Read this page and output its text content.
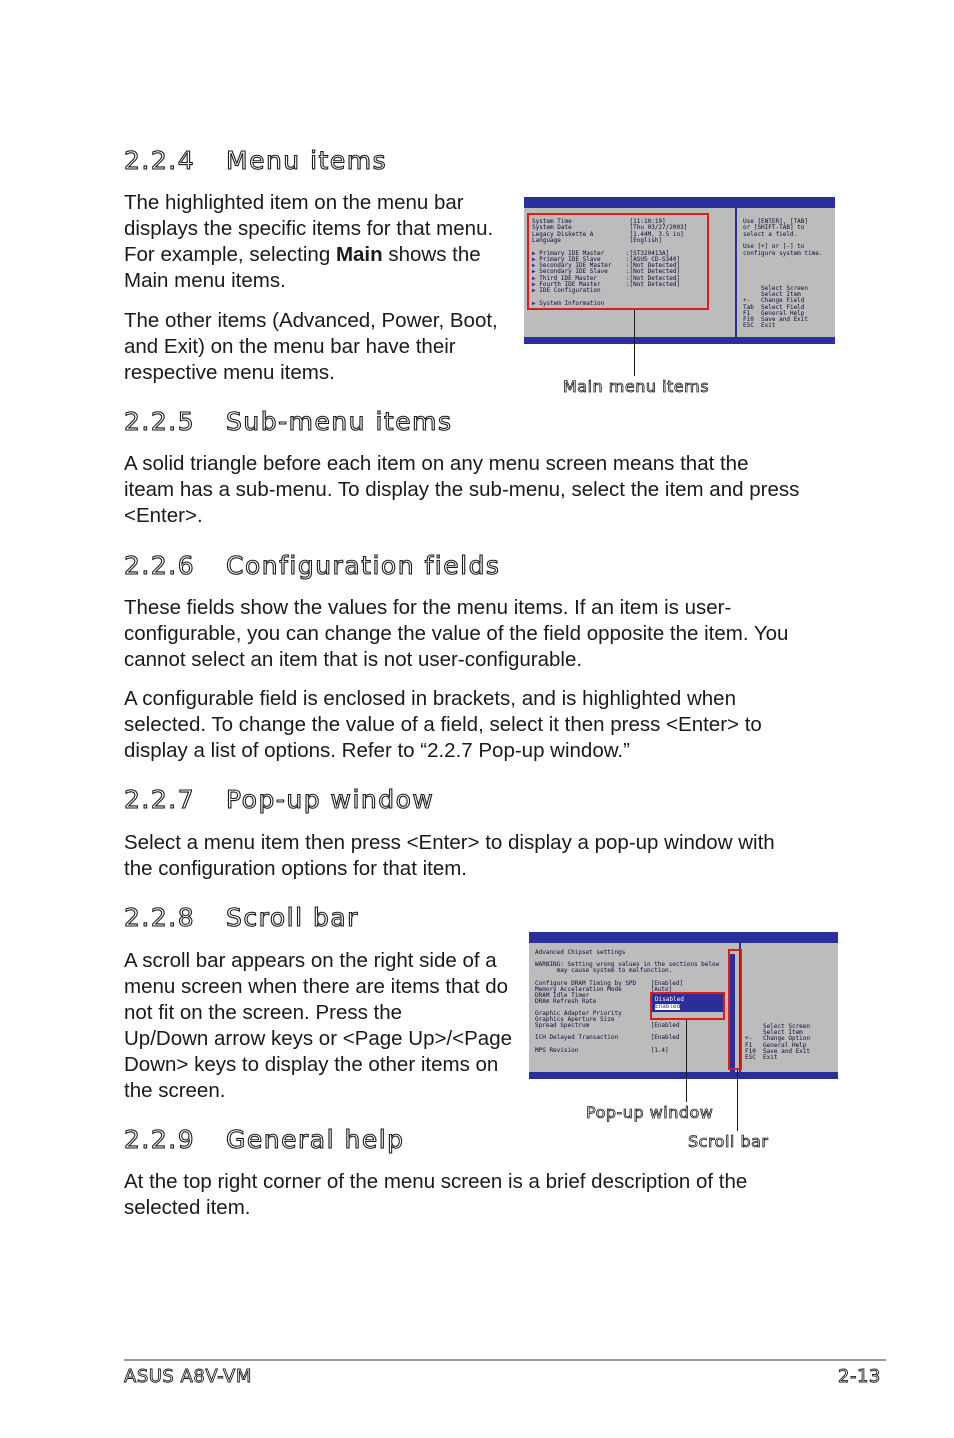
2.2.4 Menu items
The highlighted item on the menu bar
displays the specific items for that menu.
For example, selecting Main shows the
Main menu items.
The other items (Advanced, Power, Boot,
and Exit) on the menu bar have their
respective menu items.
System Time                [11:10:19]
System Date                [Thu 03/27/2003]
Legacy Diskette A          [1.44M, 3.5 in]
Language                   [English]
▶ Primary IDE Master      :[ST320413A]
▶ Primary IDE Slave       :[ASUS CD-S340]
▶ Secondary IDE Master    :[Not Detected]
▶ Secondary IDE Slave     :[Not Detected]
▶ Third IDE Master        :[Not Detected]
▶ Fourth IDE Master       :[Not Detected]
▶ IDE Configuration
▶ System Information
Use [ENTER], [TAB]
or [SHIFT-TAB] to
select a field.
Use [+] or [-] to
configure system time.
Select Screen
Select Item
+-   Change Field
Tab  Select Field
F1   General Help
F10  Save and Exit
ESC  Exit
Main menu items
2.2.5 Sub-menu items
A solid triangle before each item on any menu screen means that the
iteam has a sub-menu. To display the sub-menu, select the item and press
<Enter>.
2.2.6 Configuration fields
These fields show the values for the menu items. If an item is user-
configurable, you can change the value of the field opposite the item. You
cannot select an item that is not user-configurable.
A configurable field is enclosed in brackets, and is highlighted when
selected. To change the value of a field, select it then press <Enter> to
display a list of options. Refer to “2.2.7 Pop-up window.”
2.2.7 Pop-up window
Select a menu item then press <Enter> to display a pop-up window with
the configuration options for that item.
2.2.8 Scroll bar
A scroll bar appears on the right side of a
menu screen when there are items that do
not fit on the screen. Press the
Up/Down arrow keys or <Page Up>/<Page
Down> keys to display the other items on
the screen.
Advanced Chipset settings
WARNING: Setting wrong values in the sections below
may cause system to malfunction.
Configure DRAM Timing by SPD    [Enabled]
Memory Acceleration Mode        [Auto]
DRAM Idle Timer
DRAm Refresh Rate
Graphic Adapter Priority
Graphics Aperture Size
Spread Spectrum                 [Enabled
ICH Delayed Transaction         [Enabled
MPS Revision                    [1.4]
Select Screen
Select Item
+-   Change Option
F1   General Help
F10  Save and Exit
ESC  Exit
Disabled
Enabled
Pop-up window
Scroll bar
2.2.9 General help
At the top right corner of the menu screen is a brief description of the
selected item.
ASUS A8V-VM	2-13
